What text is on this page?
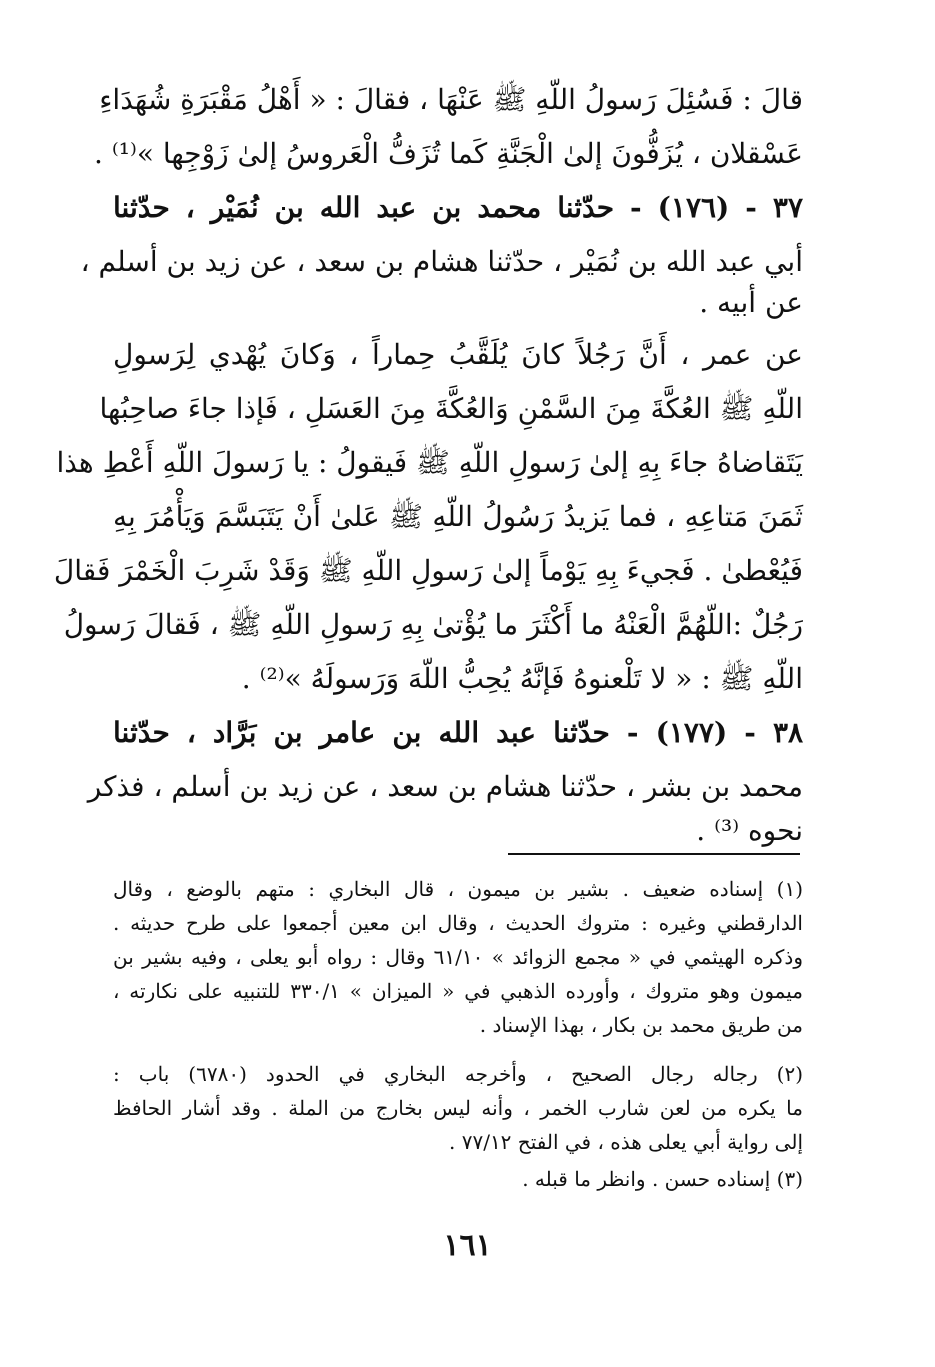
قالَ : فَسُئِلَ رَسولُ اللّهِ ﷺ عَنْهَا ، فقالَ : « أَهْلُ مَقْبَرَةِ شُهَدَاءِ
عَسْقلان ، يُزَفُّونَ إلىٰ الْجَنَّةِ كَما تُزَفُّ الْعَروسُ إلىٰ زَوْجِها »⁽¹⁾ .
٣٧ - (١٧٦) - حدّثنا محمد بن عبد الله بن نُمَيْر ، حدّثنا
أبي عبد الله بن نُمَيْر ، حدّثنا هشام بن سعد ، عن زيد بن أسلم ،
عن أبيه .
عن عمر ، أَنَّ رَجُلاً كانَ يُلَقَّبُ حِماراً ، وَكانَ يُهْدي لِرَسولِ
اللّهِ ﷺ العُكَّةَ مِنَ السَّمْنِ وَالعُكَّةَ مِنَ العَسَلِ ، فَإذا جاءَ صاحِبُها
يَتَقاضاهُ جاءَ بِهِ إلىٰ رَسولِ اللّهِ ﷺ فَيقولُ : يا رَسولَ اللّهِ أَعْطِ هذا
ثَمَنَ مَتاعِهِ ، فما يَزيدُ رَسُولُ اللّهِ ﷺ عَلىٰ أَنْ يَتَبَسَّمَ وَيَأْمُرَ بِهِ
فَيُعْطىٰ . فَجيءَ بِهِ يَوْماً إلىٰ رَسولِ اللّهِ ﷺ وَقَدْ شَرِبَ الْخَمْرَ فَقالَ
رَجُلٌ :اللّهُمَّ الْعَنْهُ ما أَكْثَرَ ما يُؤْتىٰ بِهِ رَسولِ اللّهِ ﷺ ، فَقالَ رَسولُ
اللّهِ ﷺ : « لا تَلْعنوهُ فَإنَّهُ يُحِبُّ اللّهَ وَرَسولَهُ »⁽²⁾ .
٣٨ - (١٧٧) - حدّثنا عبد الله بن عامر بن بَرَّاد ، حدّثنا
محمد بن بشر ، حدّثنا هشام بن سعد ، عن زيد بن أسلم ، فذكر
نحوه ⁽³⁾ .
(١) إسناده ضعيف . بشير بن ميمون ، قال البخاري : متهم بالوضع ، وقال
الدارقطني وغيره : متروك الحديث ، وقال ابن معين أجمعوا على طرح حديثه .
وذكره الهيثمي في « مجمع الزوائد » ٦١/١٠ وقال : رواه أبو يعلى ، وفيه بشير بن
ميمون وهو متروك ، وأورده الذهبي في « الميزان » ٣٣٠/١ للتنبيه على نكارته ،
من طريق محمد بن بكار ، بهذا الإسناد .
(٢) رجاله رجال الصحيح ، وأخرجه البخاري في الحدود (٦٧٨٠) باب :
ما يكره من لعن شارب الخمر ، وأنه ليس بخارج من الملة . وقد أشار الحافظ
إلى رواية أبي يعلى هذه ، في الفتح ٧٧/١٢ .
(٣) إسناده حسن . وانظر ما قبله .
١٦١
